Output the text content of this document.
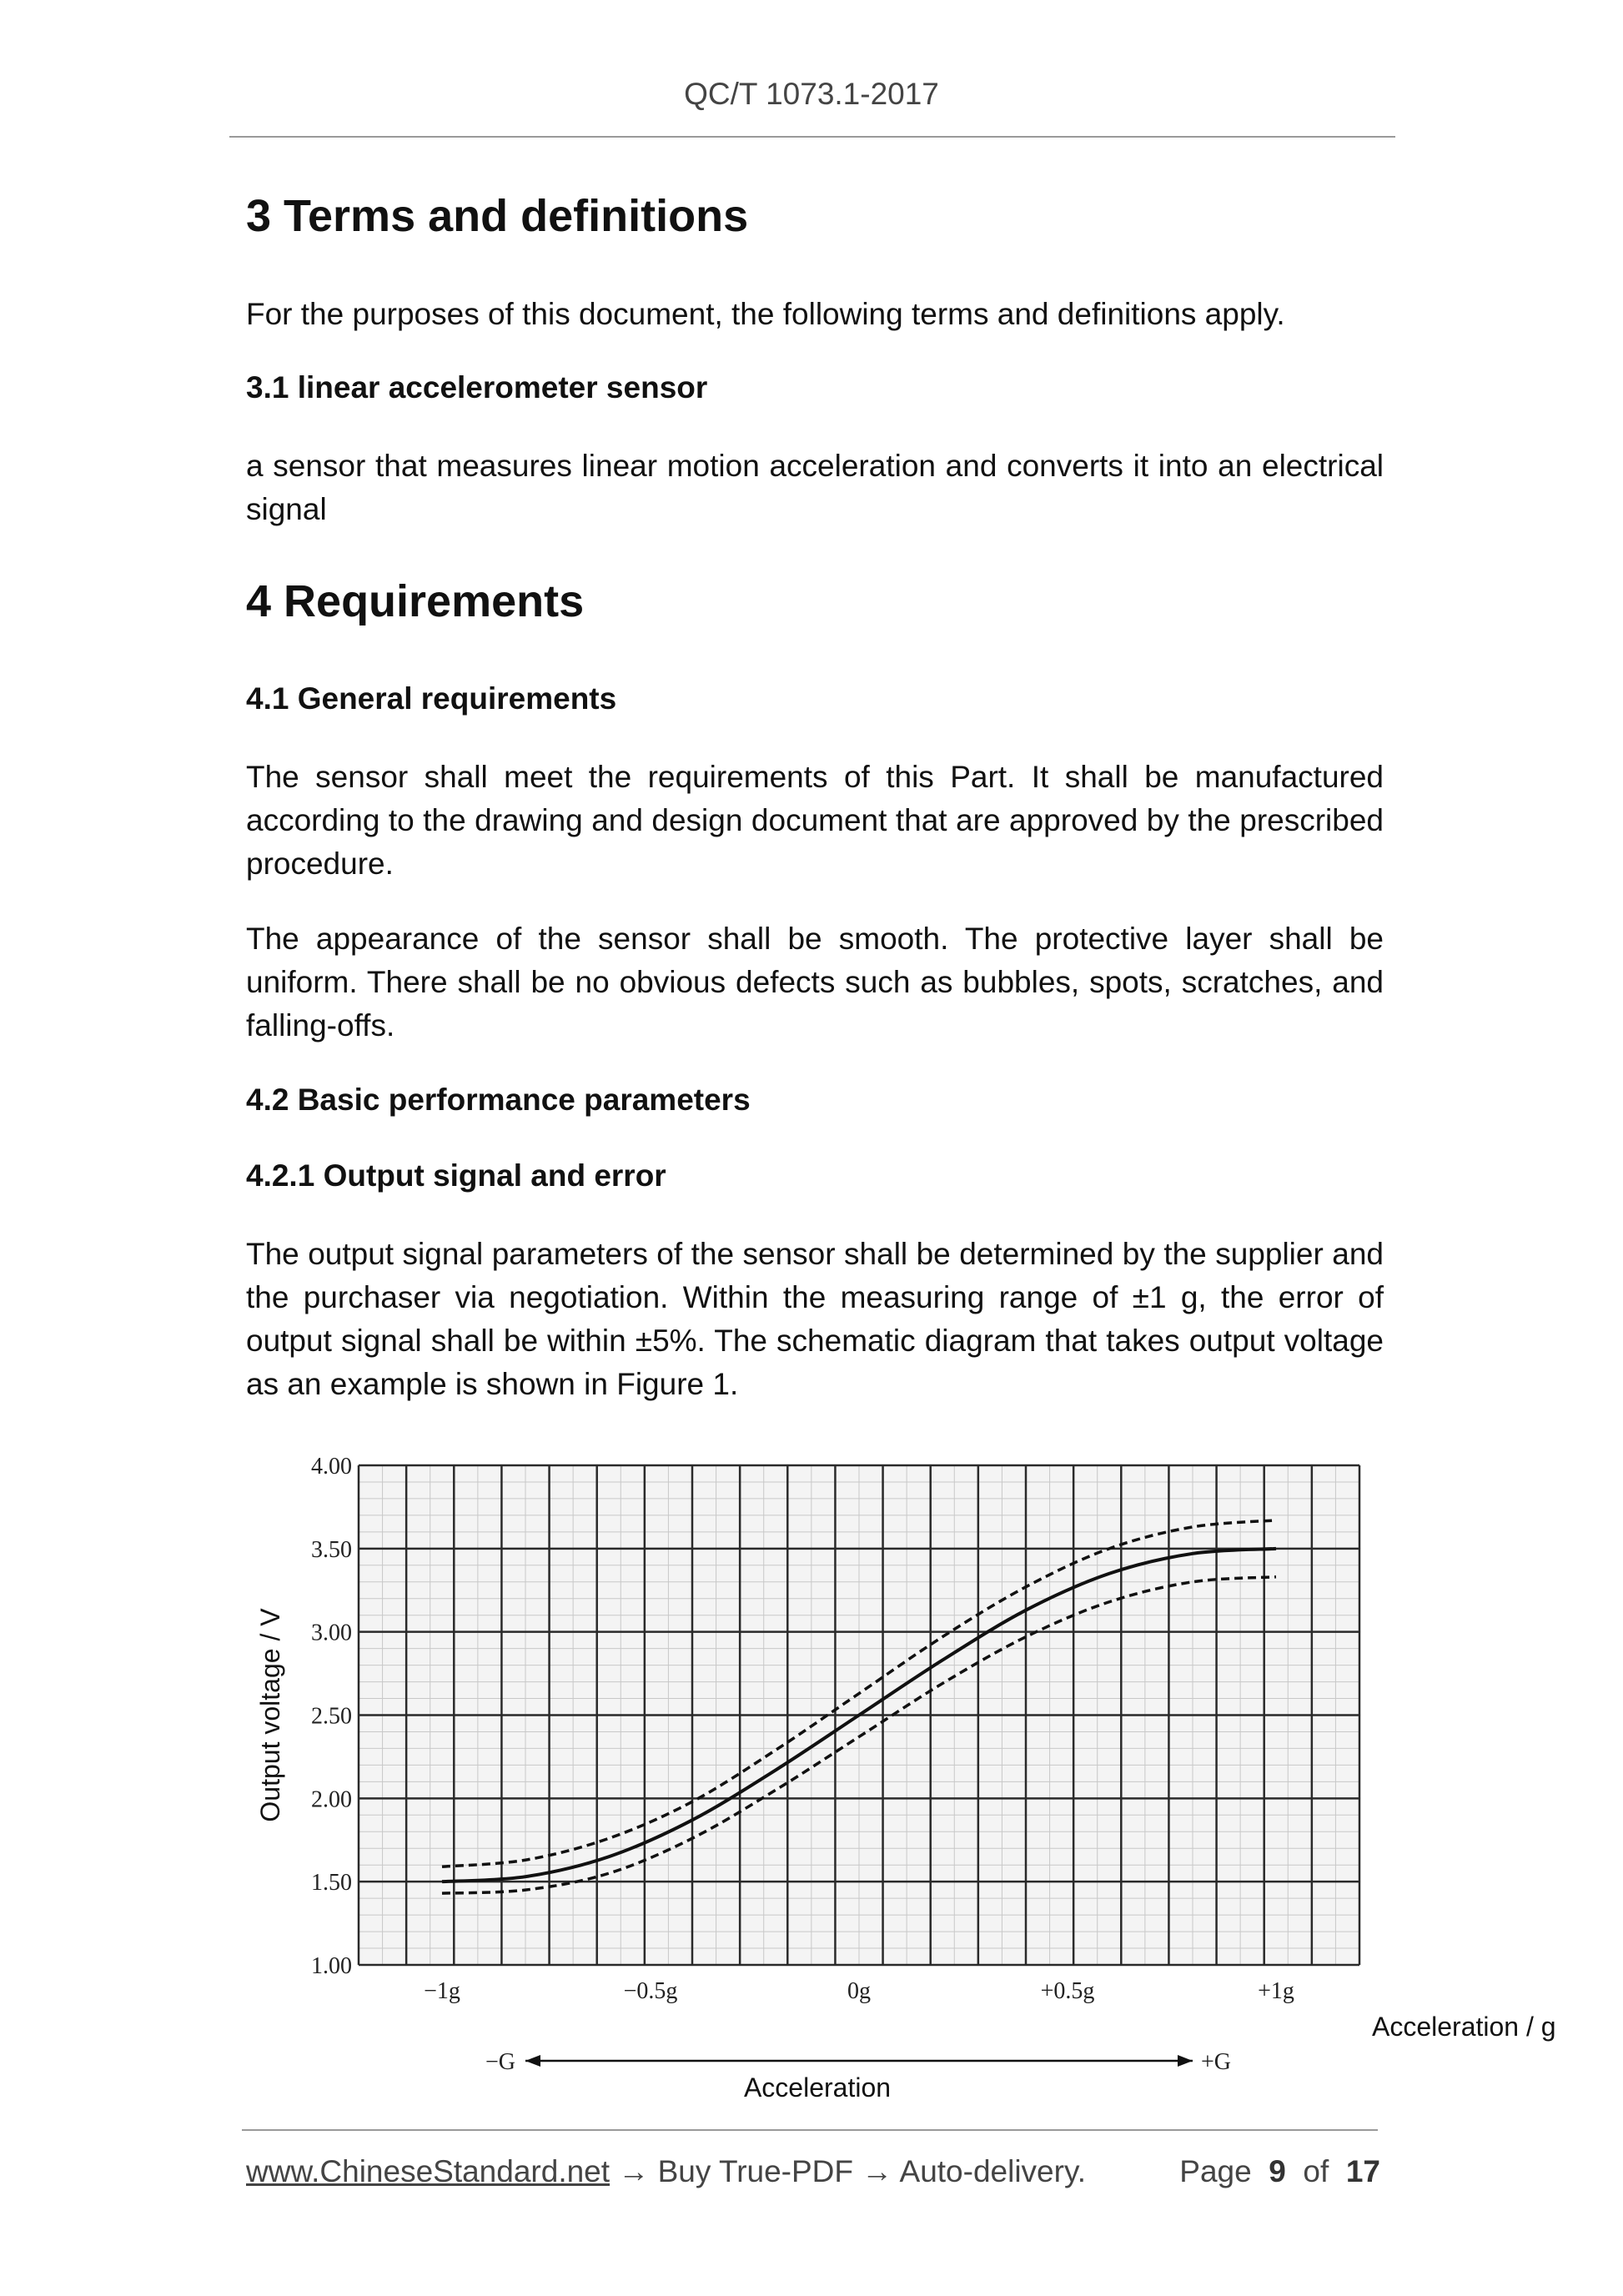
QC/T 1073.1-2017
3 Terms and definitions

For the purposes of this document, the following terms and definitions apply.

3.1 linear accelerometer sensor

a sensor that measures linear motion acceleration and converts it into an electrical signal

4 Requirements
4.1 General requirements

The sensor shall meet the requirements of this Part. It shall be manufactured according to the drawing and design document that are approved by the prescribed procedure.

The appearance of the sensor shall be smooth. The protective layer shall be uniform. There shall be no obvious defects such as bubbles, spots, scratches, and falling-offs.

4.2 Basic performance parameters
4.2.1 Output signal and error

The output signal parameters of the sensor shall be determined by the supplier and the purchaser via negotiation. Within the measuring range of ±1 g, the error of output signal shall be within ±5%. The schematic diagram that takes output voltage as an example is shown in Figure 1.

1.00
1.50
2.00
2.50
3.00
3.50
4.00
−1g	−0.5g	0g	+0.5g	+1g
Output voltage / V
Acceleration / g
−G	+G
Acceleration
www.ChineseStandard.net → Buy True-PDF → Auto-delivery.	Page 9 of 17
